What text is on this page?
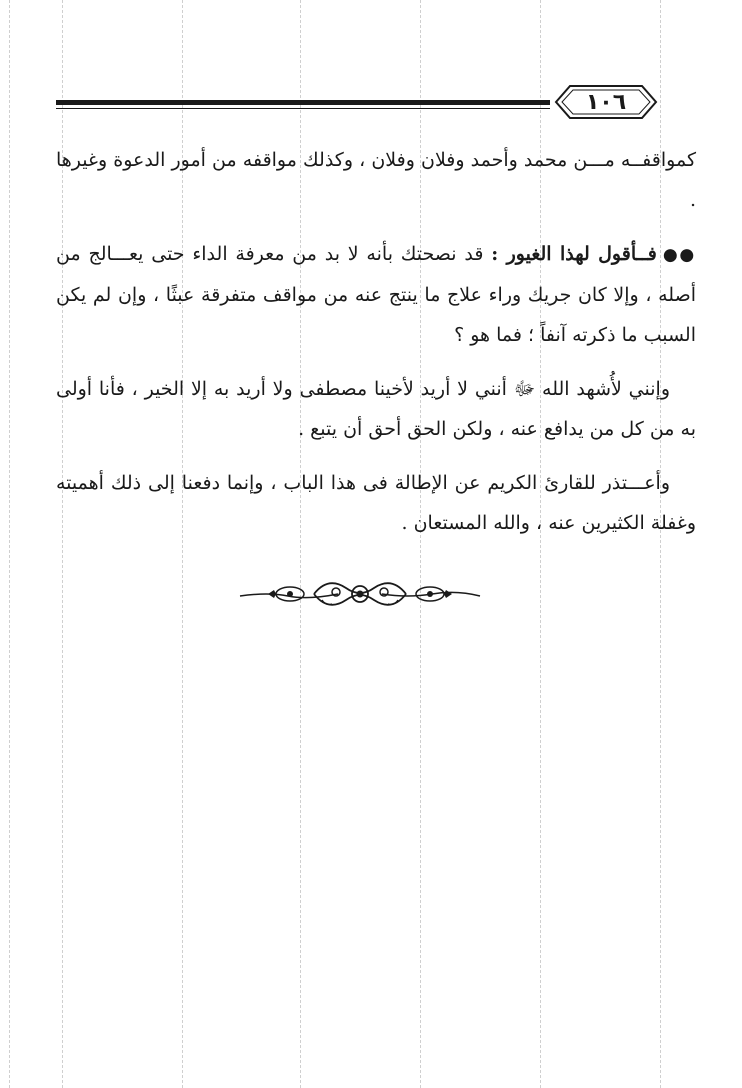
١٠٦

كمواقفــه مـــن محمد وأحمد وفلان وفلان ، وكذلك مواقفه من أمور الدعوة وغيرها .

●●فــأقول لهذا الغيور : قد نصحتك بأنه لا بد من معرفة الداء حتى يعـــالج من أصله ، وإلا كان جريك وراء علاج ما ينتج عنه من مواقف متفرقة عبثًا ، وإن لم يكن السبب ما ذكرته آنفاً ؛ فما هو ؟

وإنني لأُشهد الله ﷻ أنني لا أريد لأخينا مصطفى ولا أريد به إلا الخير ، فأنا أولى به من كل من يدافع عنه ، ولكن الحق أحق أن يتبع .

وأعـــتذر للقارئ الكريم عن الإطالة فى هذا الباب ، وإنما دفعنا إلى ذلك أهميته وغفلة الكثيرين عنه ، والله المستعان .
